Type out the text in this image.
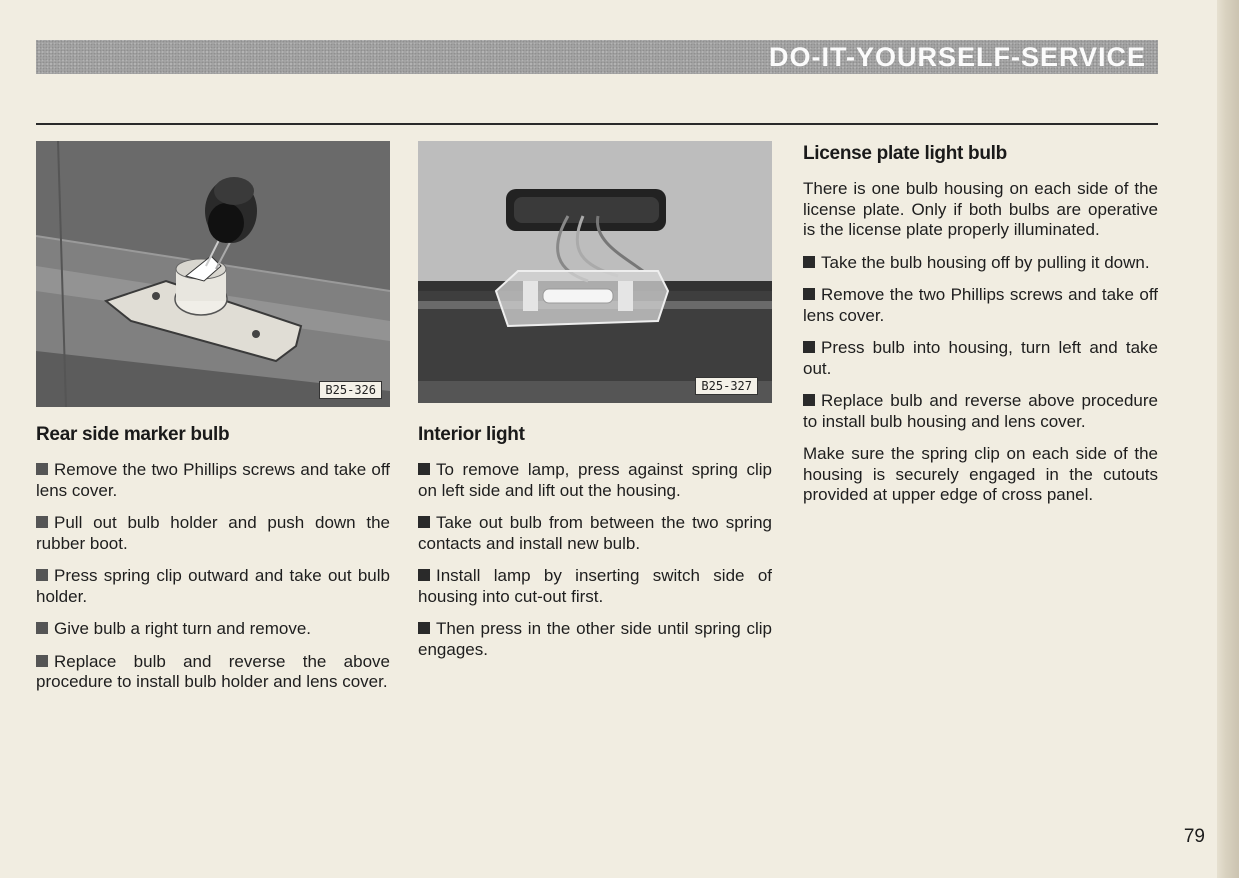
DO-IT-YOURSELF-SERVICE
B25-326	B25-327
Rear side marker bulb

Remove the two Phillips screws and take off lens cover.

Pull out bulb holder and push down the rubber boot.

Press spring clip outward and take out bulb holder.

Give bulb a right turn and remove.

Replace bulb and reverse the above procedure to install bulb holder and lens cover.

Interior light

To remove lamp, press against spring clip on left side and lift out the housing.

Take out bulb from between the two spring contacts and install new bulb.

Install lamp by inserting switch side of housing into cut-out first.

Then press in the other side until spring clip engages.

License plate light bulb

There is one bulb housing on each side of the license plate. Only if both bulbs are operative is the license plate properly illuminated.

Take the bulb housing off by pulling it down.

Remove the two Phillips screws and take off lens cover.

Press bulb into housing, turn left and take out.

Replace bulb and reverse above procedure to install bulb housing and lens cover.

Make sure the spring clip on each side of the housing is securely engaged in the cutouts provided at upper edge of cross panel.

79
